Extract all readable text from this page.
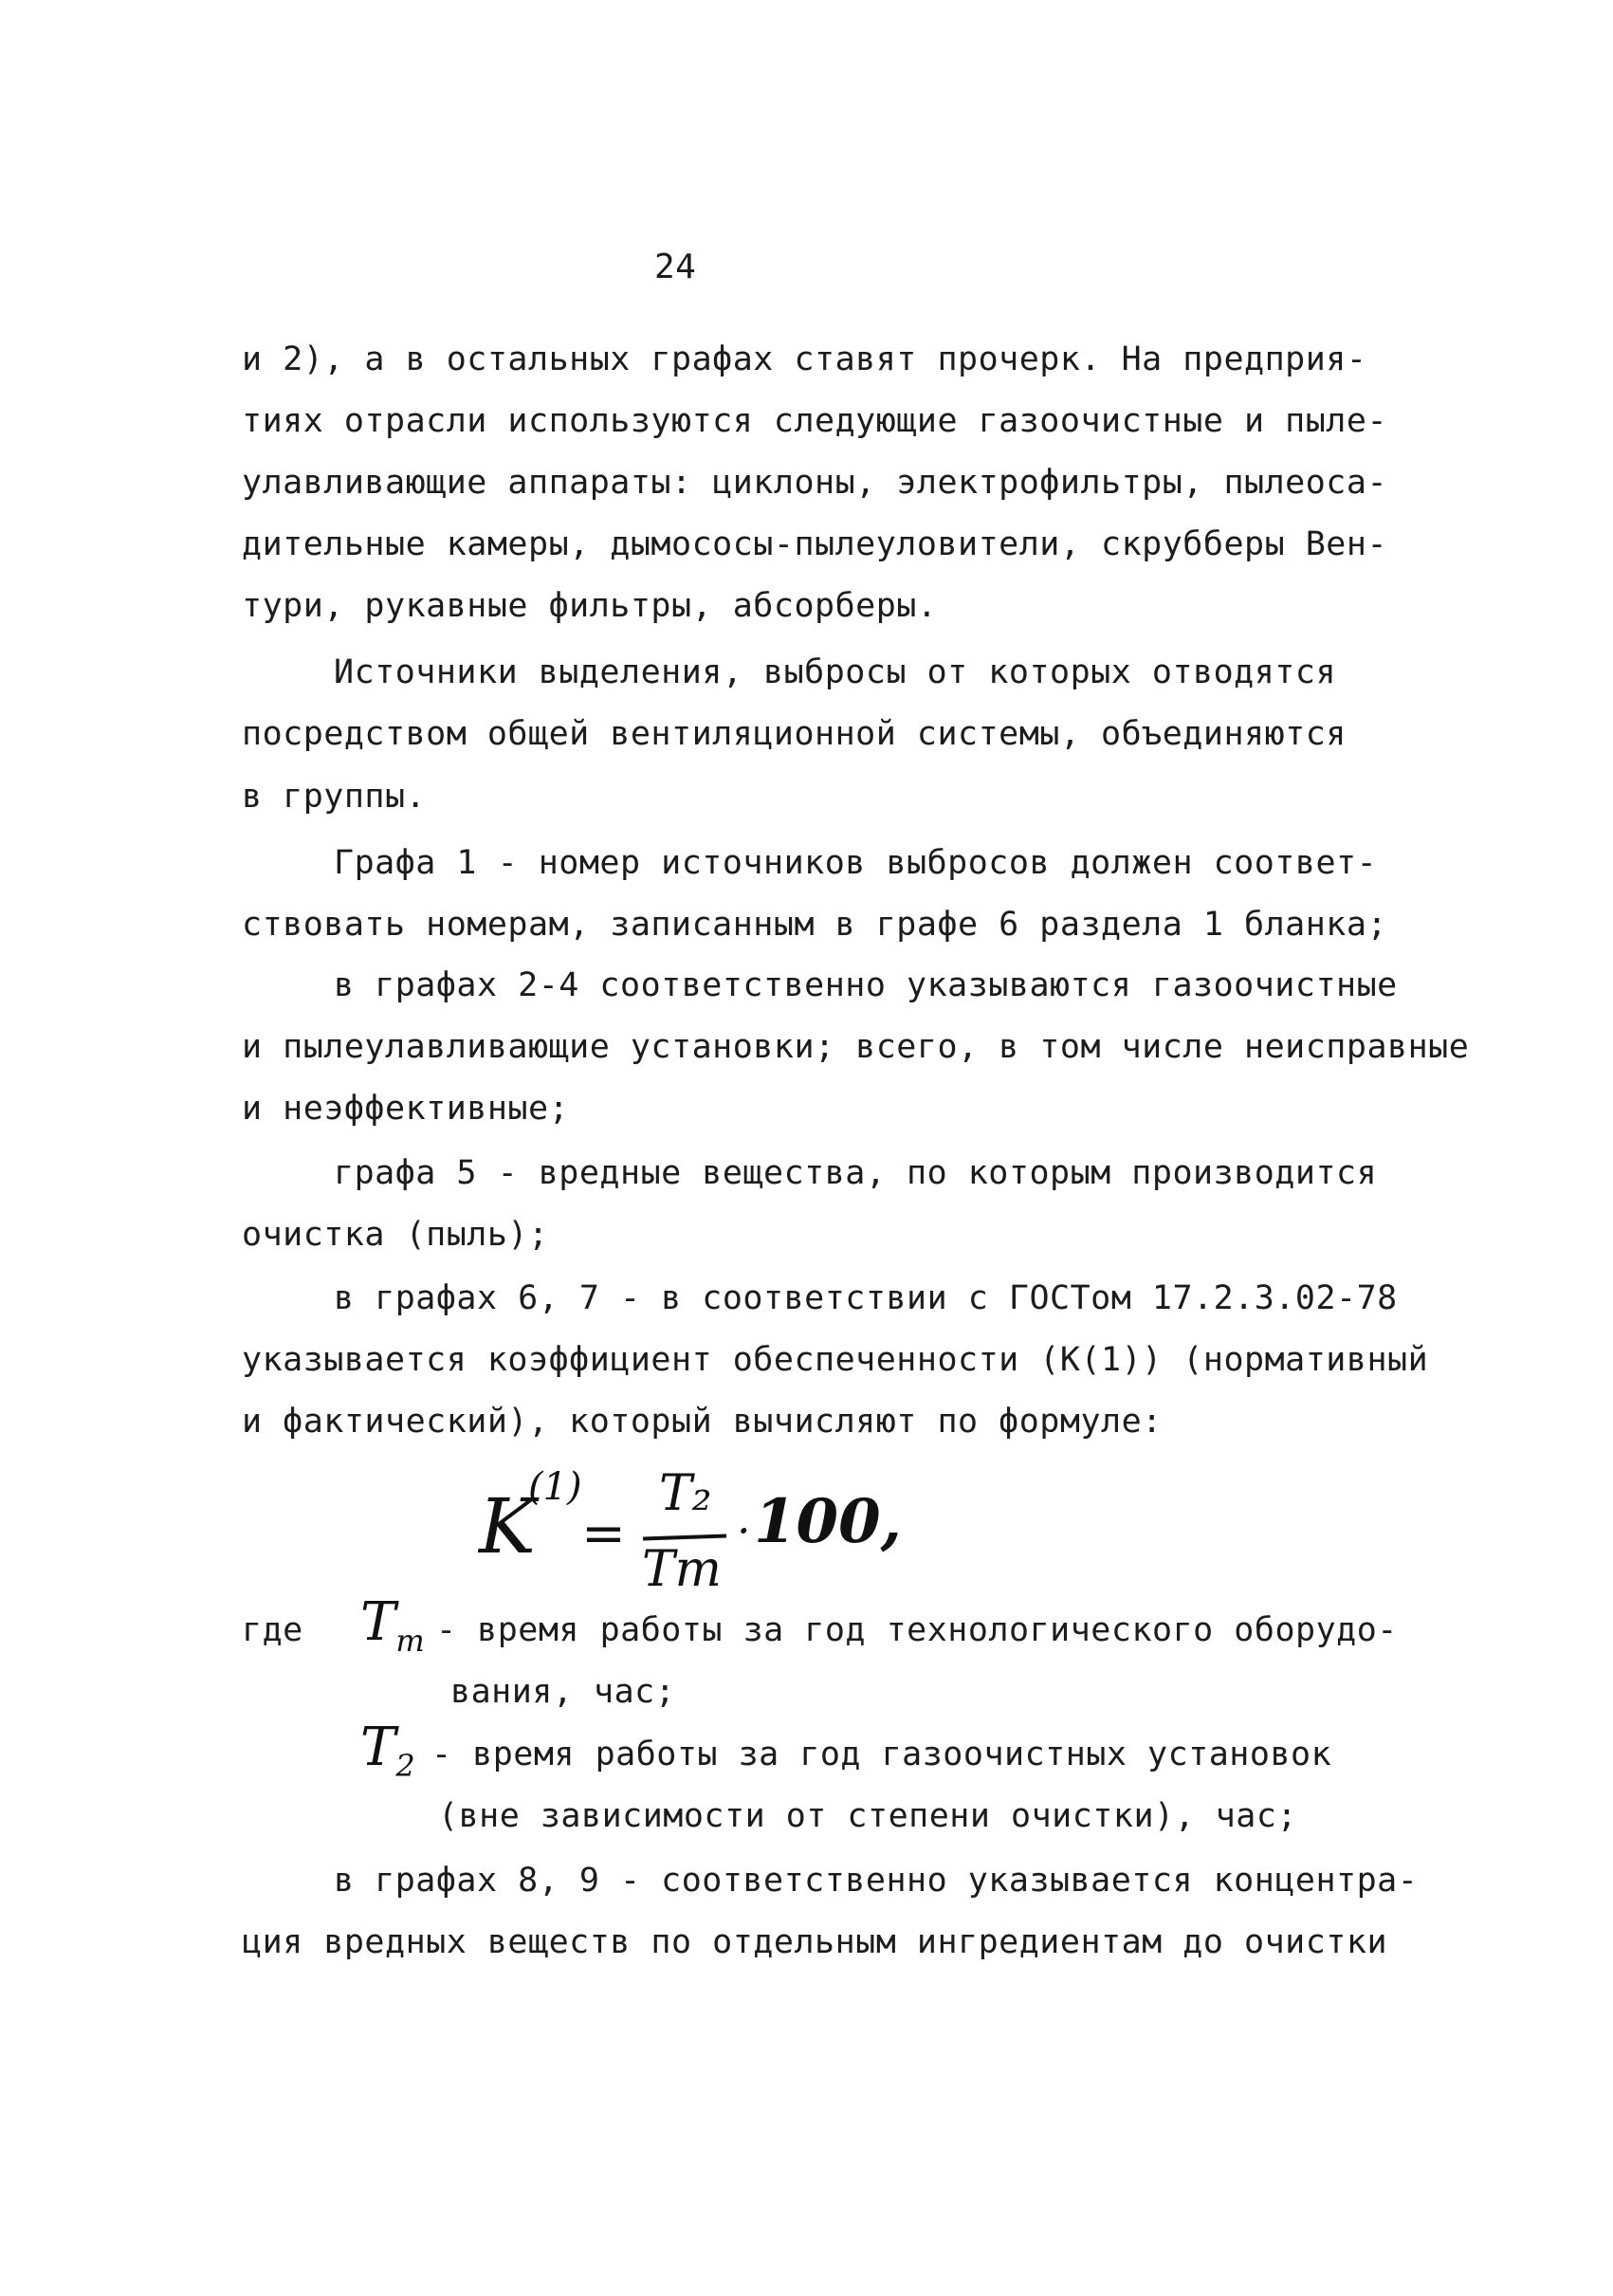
24
и 2), а в остальных графах ставят прочерк. На предприя-
тиях отрасли используются следующие газоочистные и пыле-
улавливающие аппараты: циклоны, электрофильтры, пылеоса-
дительные камеры, дымососы-пылеуловители, скрубберы Вен-
тури, рукавные фильтры, абсорберы.
Источники выделения, выбросы от которых отводятся
посредством общей вентиляционной системы, объединяются
в группы.
Графа 1 - номер источников выбросов должен соответ-
ствовать номерам, записанным в графе 6 раздела 1 бланка;
в графах 2-4 соответственно указываются газоочистные
и пылеулавливающие установки; всего, в том числе неисправные
и неэффективные;
графа 5 - вредные вещества, по которым производится
очистка (пыль);
в графах 6, 7 - в соответствии с ГОСТом 17.2.3.02-78
указывается коэффициент обеспеченности (К(1)) (нормативный
и фактический), который вычисляют по формуле:
K
(1)
=
T₂
Tm
· 100,
где $T_m$ - время работы за год технологического оборудо-
вания, час;
$T_2$ - время работы за год газоочистных установок
(вне зависимости от степени очистки), час;
в графах 8, 9 - соответственно указывается концентра-
ция вредных веществ по отдельным ингредиентам до очистки
